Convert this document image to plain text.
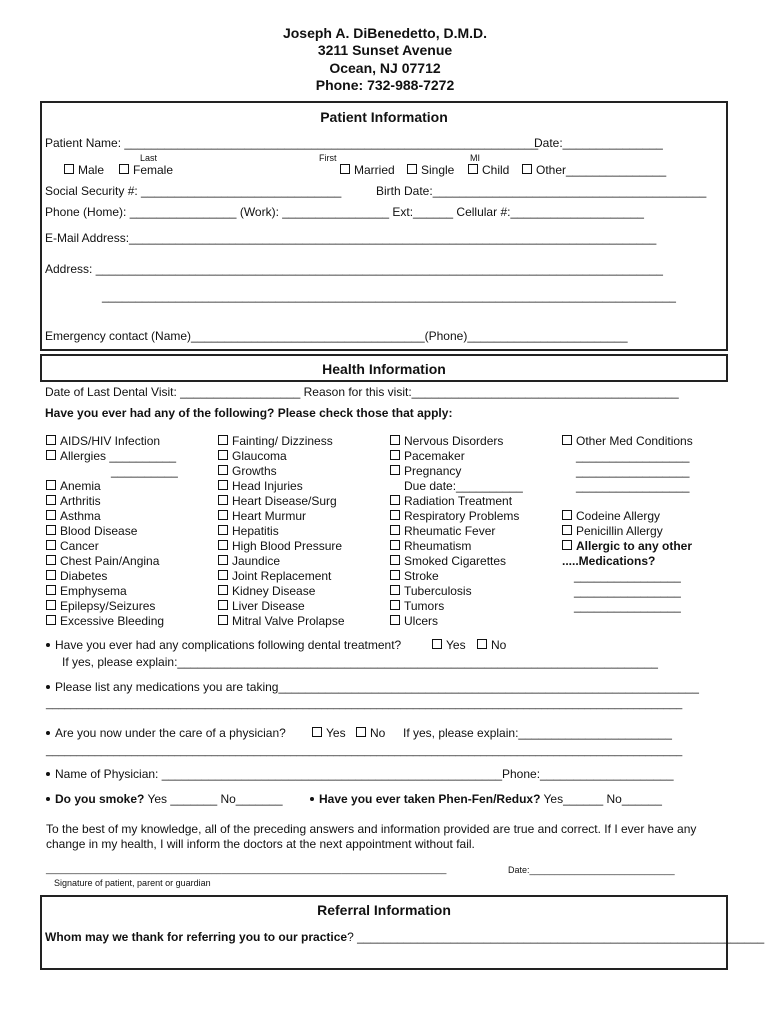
Joseph A. DiBenedetto, D.M.D.
3211 Sunset Avenue
Ocean, NJ 07712
Phone: 732-988-7272
Patient Information
Patient Name: ______________________________________________________________
Date:_______________
Last	First	MI
Male	Female	Married	Single	Child	Other_______________
Social Security #: ______________________________	Birth Date:_________________________________________
Phone (Home): ________________ (Work): ________________ Ext:______ Cellular #:____________________
E-Mail Address:_______________________________________________________________________________
Address: _____________________________________________________________________________________
______________________________________________________________________________________
Emergency contact (Name)___________________________________(Phone)________________________
Health Information
Date of Last Dental Visit: __________________ Reason for this visit:________________________________________
Have you ever had any of the following? Please check those that apply:
AIDS/HIV Infection
Allergies __________
__________
Anemia
Arthritis
Asthma
Blood Disease
Cancer
Chest Pain/Angina
Diabetes
Emphysema
Epilepsy/Seizures
Excessive Bleeding
Fainting/ Dizziness
Glaucoma
Growths
Head Injuries
Heart Disease/Surg
Heart Murmur
Hepatitis
High Blood Pressure
Jaundice
Joint Replacement
Kidney Disease
Liver Disease
Mitral Valve Prolapse
Nervous Disorders
Pacemaker
Pregnancy
Due date:__________
Radiation Treatment
Respiratory Problems
Rheumatic Fever
Rheumatism
Smoked Cigarettes
Stroke
Tuberculosis
Tumors
Ulcers
Other Med Conditions
_________________
_________________
_________________

Codeine Allergy
Penicillin Allergy
Allergic to any other
.....Medications?
________________
________________
________________
Have you ever had any complications following dental treatment?	Yes	No
If yes, please explain:________________________________________________________________________
Please list any medications you are taking_______________________________________________________________
________________________________________________________________________________________________________
Are you now under the care of a physician?	Yes	No If yes, please explain:_______________________
________________________________________________________________________________________________________
Name of Physician: ___________________________________________________ Phone:____________________
Do you smoke? Yes _______ No_______	Have you ever taken Phen-Fen/Redux? Yes______ No______
To the best of my knowledge, all of the preceding answers and information provided are true and correct. If I ever have any change in my health, I will inform the doctors at the next appointment without fail.
________________________________________________________________________________	Date:_____________________________
Signature of patient, parent or guardian
Referral Information
Whom may we thank for referring you to our practice? _____________________________________________________________
